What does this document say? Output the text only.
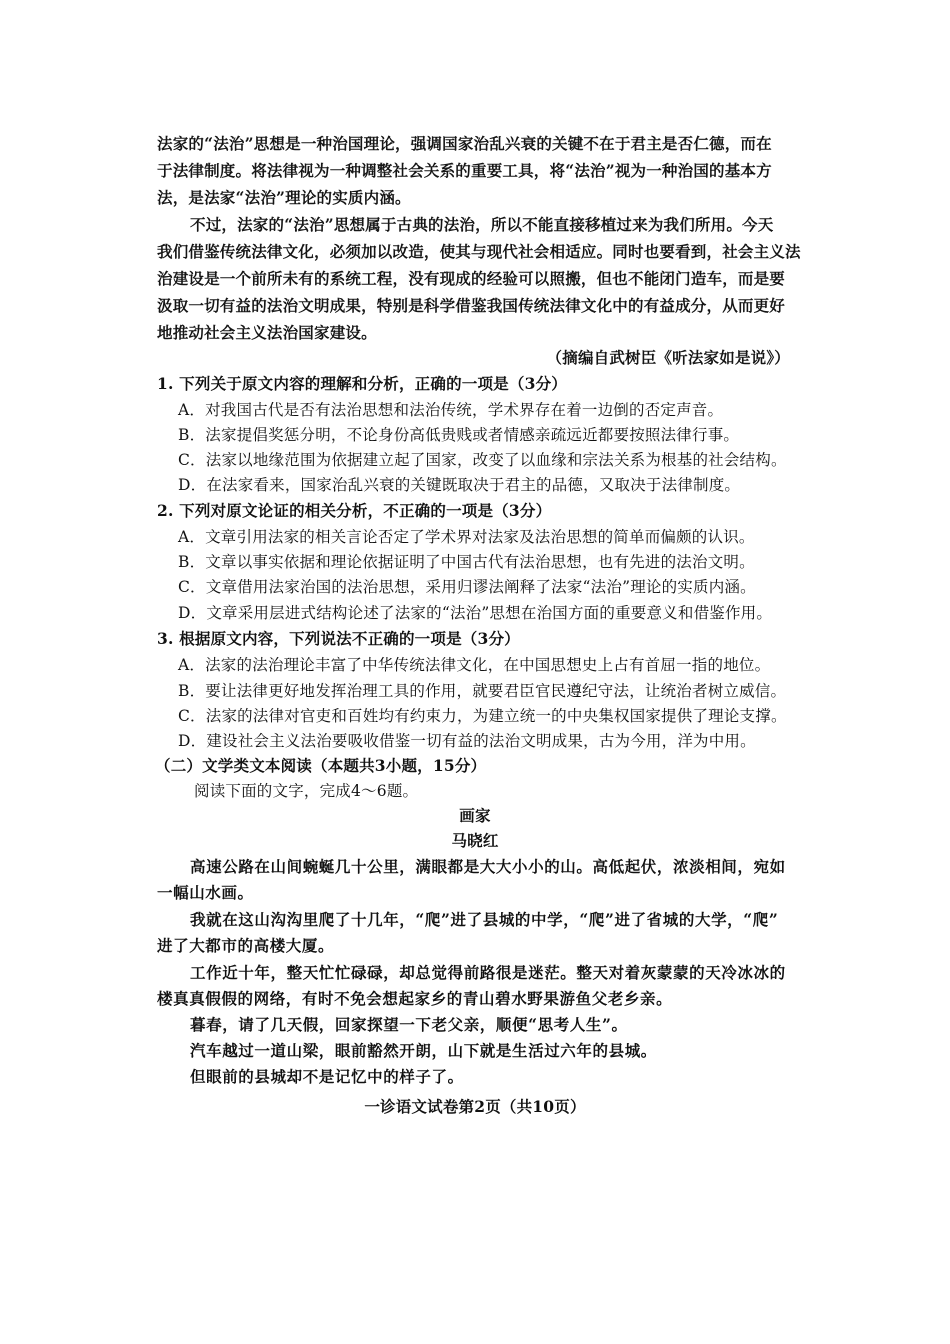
法家的“法治”思想是一种治国理论，强调国家治乱兴衰的关键不在于君主是否仁德，而在
于法律制度。将法律视为一种调整社会关系的重要工具，将“法治”视为一种治国的基本方
法，是法家“法治”理论的实质内涵。
不过，法家的“法治”思想属于古典的法治，所以不能直接移植过来为我们所用。今天
我们借鉴传统法律文化，必须加以改造，使其与现代社会相适应。同时也要看到，社会主义法
治建设是一个前所未有的系统工程，没有现成的经验可以照搬，但也不能闭门造车，而是要
汲取一切有益的法治文明成果，特别是科学借鉴我国传统法律文化中的有益成分，从而更好
地推动社会主义法治国家建设。
（摘编自武树臣《听法家如是说》）
1. 下列关于原文内容的理解和分析，正确的一项是（3分）
A．对我国古代是否有法治思想和法治传统，学术界存在着一边倒的否定声音。
B．法家提倡奖惩分明，不论身份高低贵贱或者情感亲疏远近都要按照法律行事。
C．法家以地缘范围为依据建立起了国家，改变了以血缘和宗法关系为根基的社会结构。
D．在法家看来，国家治乱兴衰的关键既取决于君主的品德，又取决于法律制度。
2. 下列对原文论证的相关分析，不正确的一项是（3分）
A．文章引用法家的相关言论否定了学术界对法家及法治思想的简单而偏颇的认识。
B．文章以事实依据和理论依据证明了中国古代有法治思想，也有先进的法治文明。
C．文章借用法家治国的法治思想，采用归谬法阐释了法家“法治”理论的实质内涵。
D．文章采用层进式结构论述了法家的“法治”思想在治国方面的重要意义和借鉴作用。
3. 根据原文内容，下列说法不正确的一项是（3分）
A．法家的法治理论丰富了中华传统法律文化，在中国思想史上占有首屈一指的地位。
B．要让法律更好地发挥治理工具的作用，就要君臣官民遵纪守法，让统治者树立威信。
C．法家的法律对官吏和百姓均有约束力，为建立统一的中央集权国家提供了理论支撑。
D．建设社会主义法治要吸收借鉴一切有益的法治文明成果，古为今用，洋为中用。
（二）文学类文本阅读（本题共3小题，15分）
阅读下面的文字，完成4～6题。
画家
马晓红
高速公路在山间蜿蜒几十公里，满眼都是大大小小的山。高低起伏，浓淡相间，宛如
一幅山水画。
我就在这山沟沟里爬了十几年，“爬”进了县城的中学，“爬”进了省城的大学，“爬”
进了大都市的高楼大厦。
工作近十年，整天忙忙碌碌，却总觉得前路很是迷茫。整天对着灰蒙蒙的天冷冰冰的
楼真真假假的网络，有时不免会想起家乡的青山碧水野果游鱼父老乡亲。
暮春，请了几天假，回家探望一下老父亲，顺便“思考人生”。
汽车越过一道山梁，眼前豁然开朗，山下就是生活过六年的县城。
但眼前的县城却不是记忆中的样子了。
一诊语文试卷第2页（共10页）
